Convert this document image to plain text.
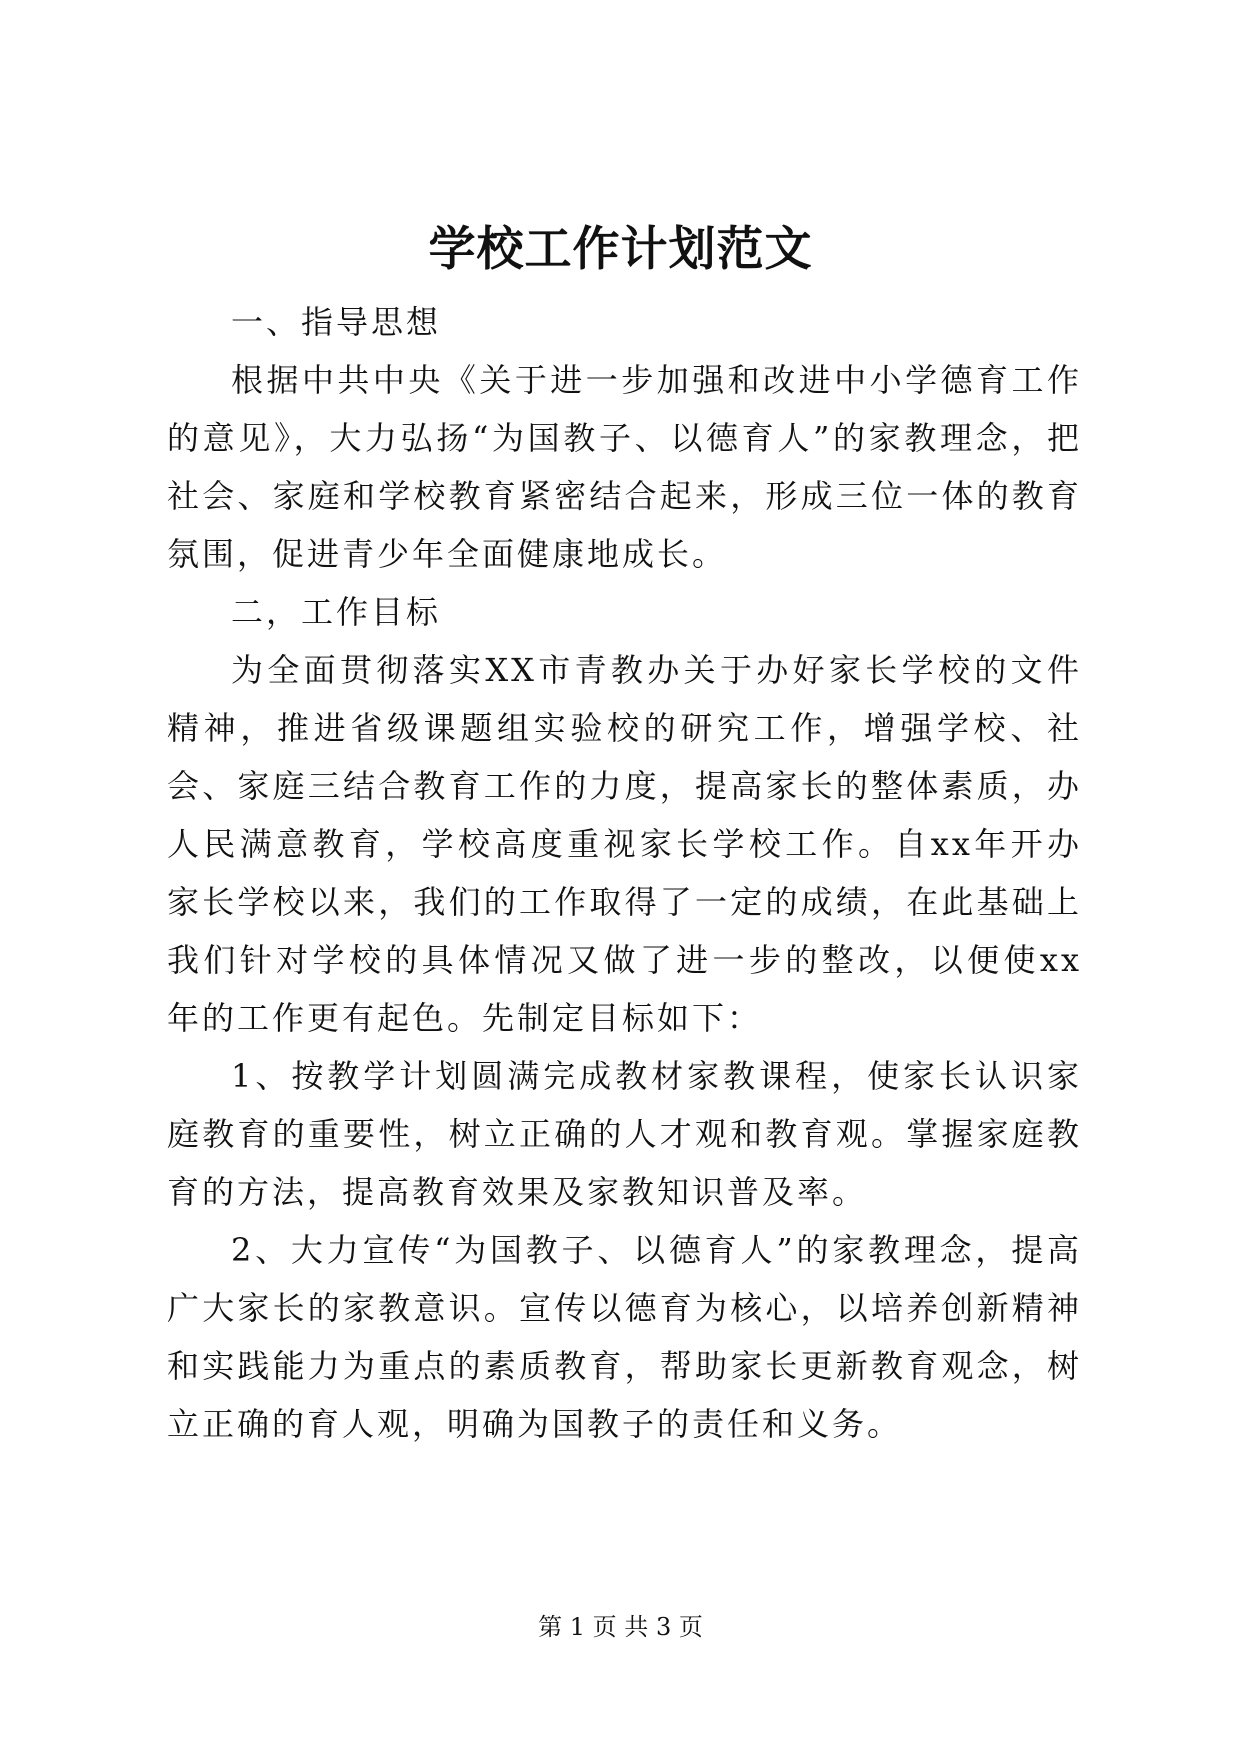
学校工作计划范文

一、指导思想

根据中共中央《关于进一步加强和改进中小学德育工作的意见》，大力弘扬“为国教子、以德育人”的家教理念，把社会、家庭和学校教育紧密结合起来，形成三位一体的教育氛围，促进青少年全面健康地成长。

二，工作目标

为全面贯彻落实XX市青教办关于办好家长学校的文件精神，推进省级课题组实验校的研究工作，增强学校、社会、家庭三结合教育工作的力度，提高家长的整体素质，办人民满意教育，学校高度重视家长学校工作。自xx年开办家长学校以来，我们的工作取得了一定的成绩，在此基础上我们针对学校的具体情况又做了进一步的整改，以便使xx年的工作更有起色。先制定目标如下：

1、按教学计划圆满完成教材家教课程，使家长认识家庭教育的重要性，树立正确的人才观和教育观。掌握家庭教育的方法，提高教育效果及家教知识普及率。

2、大力宣传“为国教子、以德育人”的家教理念，提高广大家长的家教意识。宣传以德育为核心，以培养创新精神和实践能力为重点的素质教育，帮助家长更新教育观念，树立正确的育人观，明确为国教子的责任和义务。

第 1 页 共 3 页
